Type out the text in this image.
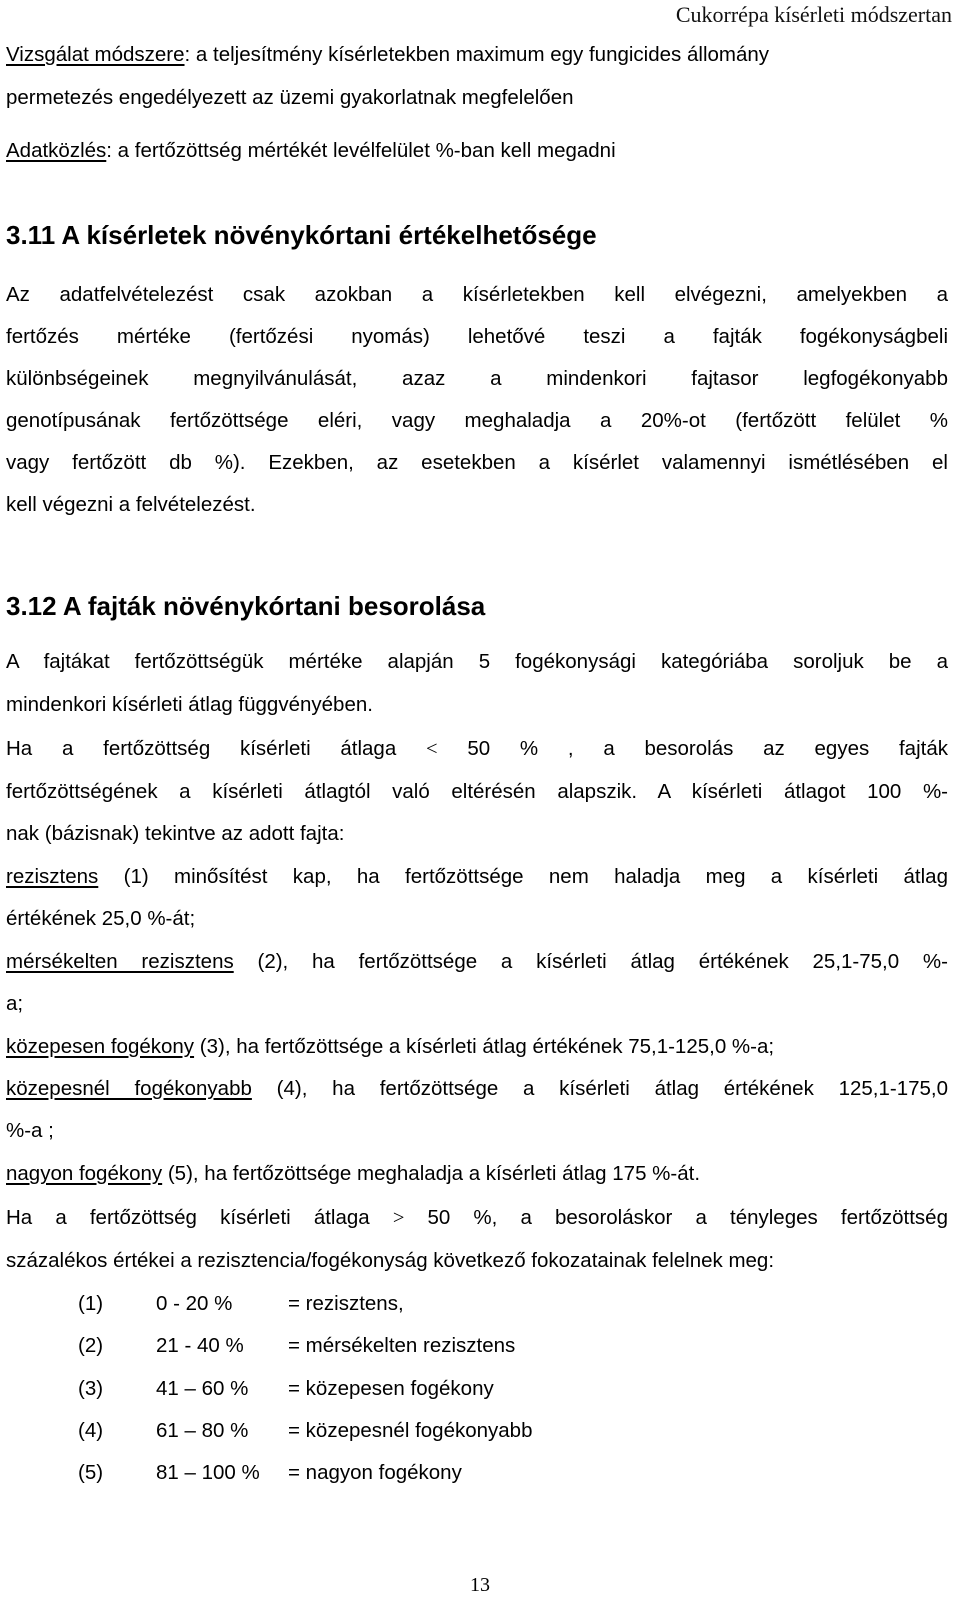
Cukorrépa kísérleti módszertan
Vizsgálat módszere: a teljesítmény kísérletekben maximum egy fungicides állomány
permetezés engedélyezett az üzemi gyakorlatnak megfelelően
Adatközlés: a fertőzöttség mértékét levélfelület %-ban kell megadni
3.11 A kísérletek növénykórtani értékelhetősége
Az adatfelvételezést csak azokban a kísérletekben kell elvégezni, amelyekben a
fertőzés mértéke (fertőzési nyomás) lehetővé teszi a fajták fogékonyságbeli
különbségeinek megnyilvánulását, azaz a mindenkori fajtasor legfogékonyabb
genotípusának fertőzöttsége eléri, vagy meghaladja a 20%-ot (fertőzött felület %
vagy fertőzött db %). Ezekben, az esetekben a kísérlet valamennyi ismétlésében el
kell végezni a felvételezést.
3.12 A fajták növénykórtani besorolása
A fajtákat fertőzöttségük mértéke alapján 5 fogékonysági kategóriába soroljuk be a
mindenkori kísérleti átlag függvényében.
Ha a fertőzöttség kísérleti átlaga < 50 % , a besorolás az egyes fajták
fertőzöttségének a kísérleti átlagtól való eltérésén alapszik. A kísérleti átlagot 100 %-
nak (bázisnak) tekintve az adott fajta:
rezisztens (1) minősítést kap, ha fertőzöttsége nem haladja meg a kísérleti átlag
értékének 25,0 %-át;
mérsékelten rezisztens (2), ha fertőzöttsége a kísérleti átlag értékének 25,1-75,0 %-
a;
közepesen fogékony (3), ha fertőzöttsége a kísérleti átlag értékének 75,1-125,0 %-a;
közepesnél fogékonyabb (4), ha fertőzöttsége a kísérleti átlag értékének 125,1-175,0
%-a ;
nagyon fogékony (5), ha fertőzöttsége meghaladja a kísérleti átlag 175 %-át.
Ha a fertőzöttség kísérleti átlaga > 50 %, a besoroláskor a tényleges fertőzöttség
százalékos értékei a rezisztencia/fogékonyság következő fokozatainak felelnek meg:
(1)	0 - 20 %	= rezisztens,
(2)	21 - 40 % = mérsékelten rezisztens
(3)	41 – 60 % = közepesen fogékony
(4)	61 – 80 % = közepesnél fogékonyabb
(5)	81 – 100 % = nagyon fogékony
13
